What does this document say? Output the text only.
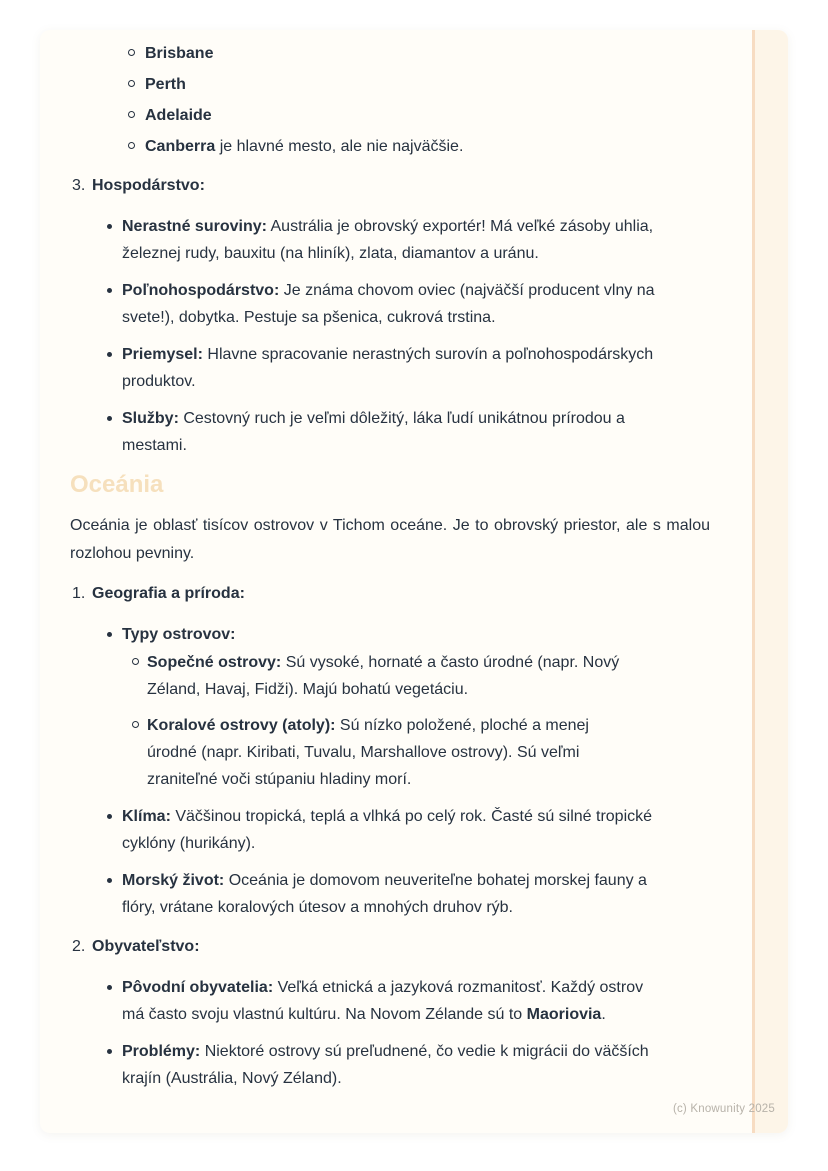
Brisbane
Perth
Adelaide
Canberra je hlavné mesto, ale nie najväčšie.
3. Hospodárstvo:
Nerastné suroviny: Austrália je obrovský exportér! Má veľké zásoby uhlia, železnej rudy, bauxitu (na hliník), zlata, diamantov a uránu.
Poľnohospodárstvo: Je známa chovom oviec (najväčší producent vlny na svete!), dobytka. Pestuje sa pšenica, cukrová trstina.
Priemysel: Hlavne spracovanie nerastných surovín a poľnohospodárskych produktov.
Služby: Cestovný ruch je veľmi dôležitý, láka ľudí unikátnou prírodou a mestami.
Oceánia

Oceánia je oblasť tisícov ostrovov v Tichom oceáne. Je to obrovský priestor, ale s malou rozlohou pevniny.

1. Geografia a príroda:
Typy ostrovov:
Sopečné ostrovy: Sú vysoké, hornaté a často úrodné (napr. Nový Zéland, Havaj, Fidži). Majú bohatú vegetáciu.
Koralové ostrovy (atoly): Sú nízko položené, ploché a menej úrodné (napr. Kiribati, Tuvalu, Marshallove ostrovy). Sú veľmi zraniteľné voči stúpaniu hladiny morí.
Klíma: Väčšinou tropická, teplá a vlhká po celý rok. Časté sú silné tropické cyklóny (hurikány).
Morský život: Oceánia je domovom neuveriteľne bohatej morskej fauny a flóry, vrátane koralových útesov a mnohých druhov rýb.
2. Obyvateľstvo:
Pôvodní obyvatelia: Veľká etnická a jazyková rozmanitosť. Každý ostrov má často svoju vlastnú kultúru. Na Novom Zélande sú to Maoriovia.
Problémy: Niektoré ostrovy sú preľudnené, čo vedie k migrácii do väčších krajín (Austrália, Nový Zéland).
(c) Knowunity 2025
